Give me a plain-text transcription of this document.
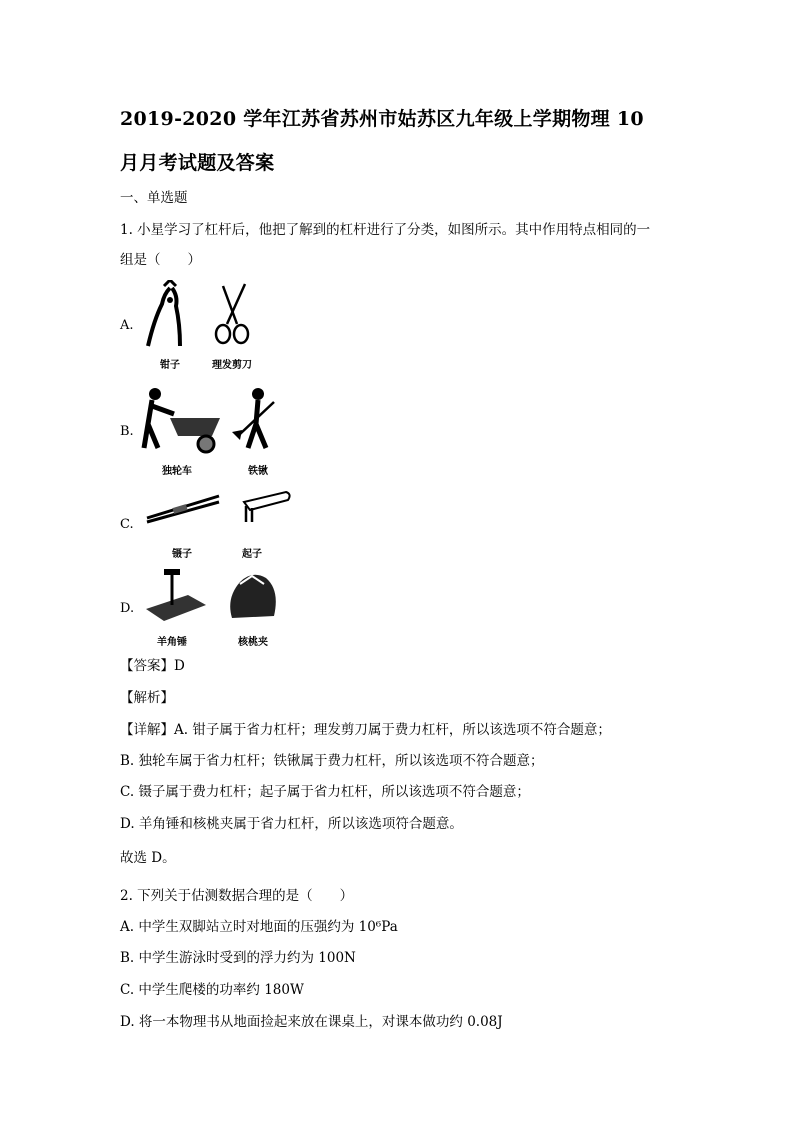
2019-2020 学年江苏省苏州市姑苏区九年级上学期物理 10
月月考试题及答案
一、单选题
1. 小星学习了杠杆后，他把了解到的杠杆进行了分类，如图所示。其中作用特点相同的一
组是（　　）
A.
钳子	理发剪刀
B.
独轮车	铁锹
C.
镊子	起子
D.
羊角锤	核桃夹
【答案】D
【解析】
【详解】A. 钳子属于省力杠杆；理发剪刀属于费力杠杆，所以该选项不符合题意；
B. 独轮车属于省力杠杆；铁锹属于费力杠杆，所以该选项不符合题意；
C. 镊子属于费力杠杆；起子属于省力杠杆，所以该选项不符合题意；
D. 羊角锤和核桃夹属于省力杠杆，所以该选项符合题意。
故选 D。
2. 下列关于估测数据合理的是（　　）
A. 中学生双脚站立时对地面的压强约为 10⁶Pa
B. 中学生游泳时受到的浮力约为 100N
C. 中学生爬楼的功率约 180W
D. 将一本物理书从地面捡起来放在课桌上，对课本做功约 0.08J
